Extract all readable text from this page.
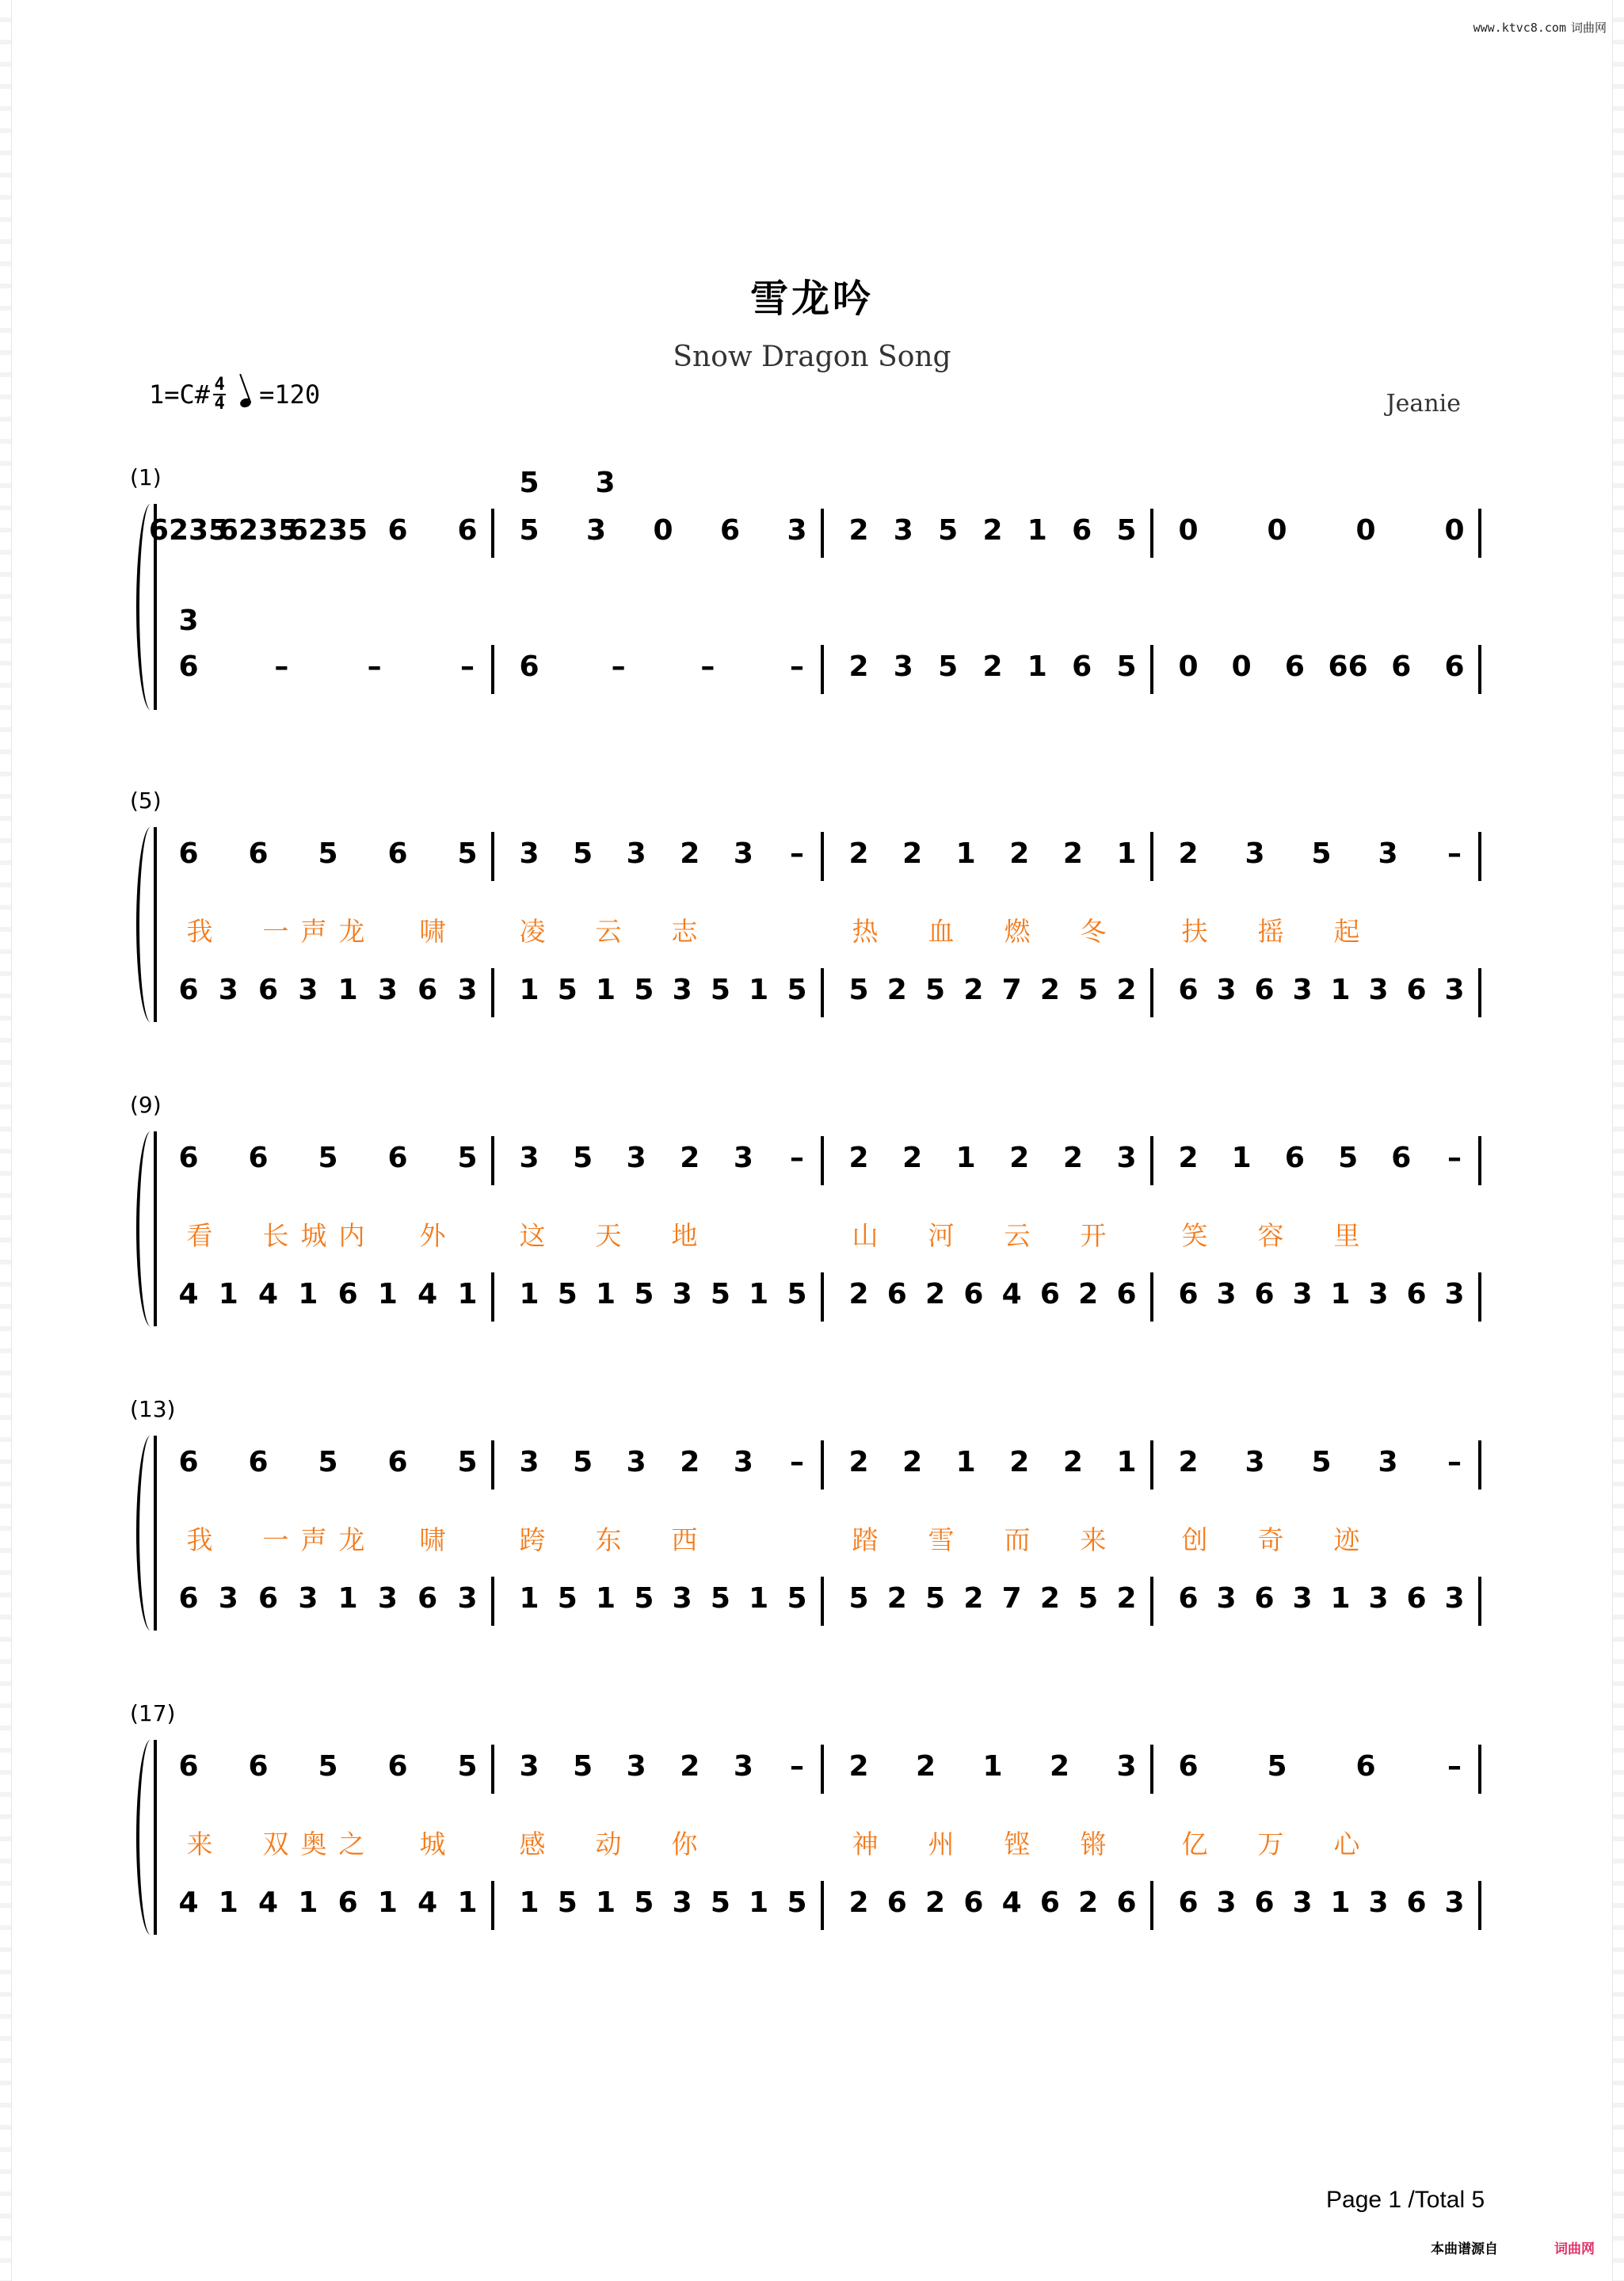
www.ktvc8.com 词曲网
雪龙吟
Snow Dragon Song
1=C# 4
4 =120	Jeanie
(1)
6235
6235
6235 6 6 5 3 0 6 3 2 3 5 2 1 6 5 0 0 0 0
6	–	–	– 6	–	–	– 2 3 5 2 1 6 5 0 0 6 66 6 6
5 3
3
(5)
6 6 5 6 5 3 5 3 2 3 – 2 2 1 2 2 1 2 3 5 3 –
6 3 6 3 1 3 6 3 1 5 1 5 3 5 1 5 5 2 5 2 7 2 5 2 6 3 6 3 1 3 6 3
我 一 声 龙 啸	凌 云 志	热 血 燃 冬	扶 摇 起
(9)
6 6 5 6 5 3 5 3 2 3 – 2 2 1 2 2 3 2 1 6 5 6 –
4 1 4 1 6 1 4 1 1 5 1 5 3 5 1 5 2 6 2 6 4 6 2 6 6 3 6 3 1 3 6 3
看 长 城 内 外	这 天 地	山 河 云 开	笑 容 里
(13)
6 6 5 6 5 3 5 3 2 3 – 2 2 1 2 2 1 2 3 5 3 –
6 3 6 3 1 3 6 3 1 5 1 5 3 5 1 5 5 2 5 2 7 2 5 2 6 3 6 3 1 3 6 3
我 一 声 龙 啸	跨 东 西	踏 雪 而 来	创 奇 迹
(17)
6 6 5 6 5 3 5 3 2 3 – 2 2 1 2 3 6 5 6	–
4 1 4 1 6 1 4 1 1 5 1 5 3 5 1 5 2 6 2 6 4 6 2 6 6 3 6 3 1 3 6 3
来 双 奥 之 城	感 动 你	神 州 铿 锵	亿 万 心
Page 1 /Total 5
本曲谱源自	词曲网
